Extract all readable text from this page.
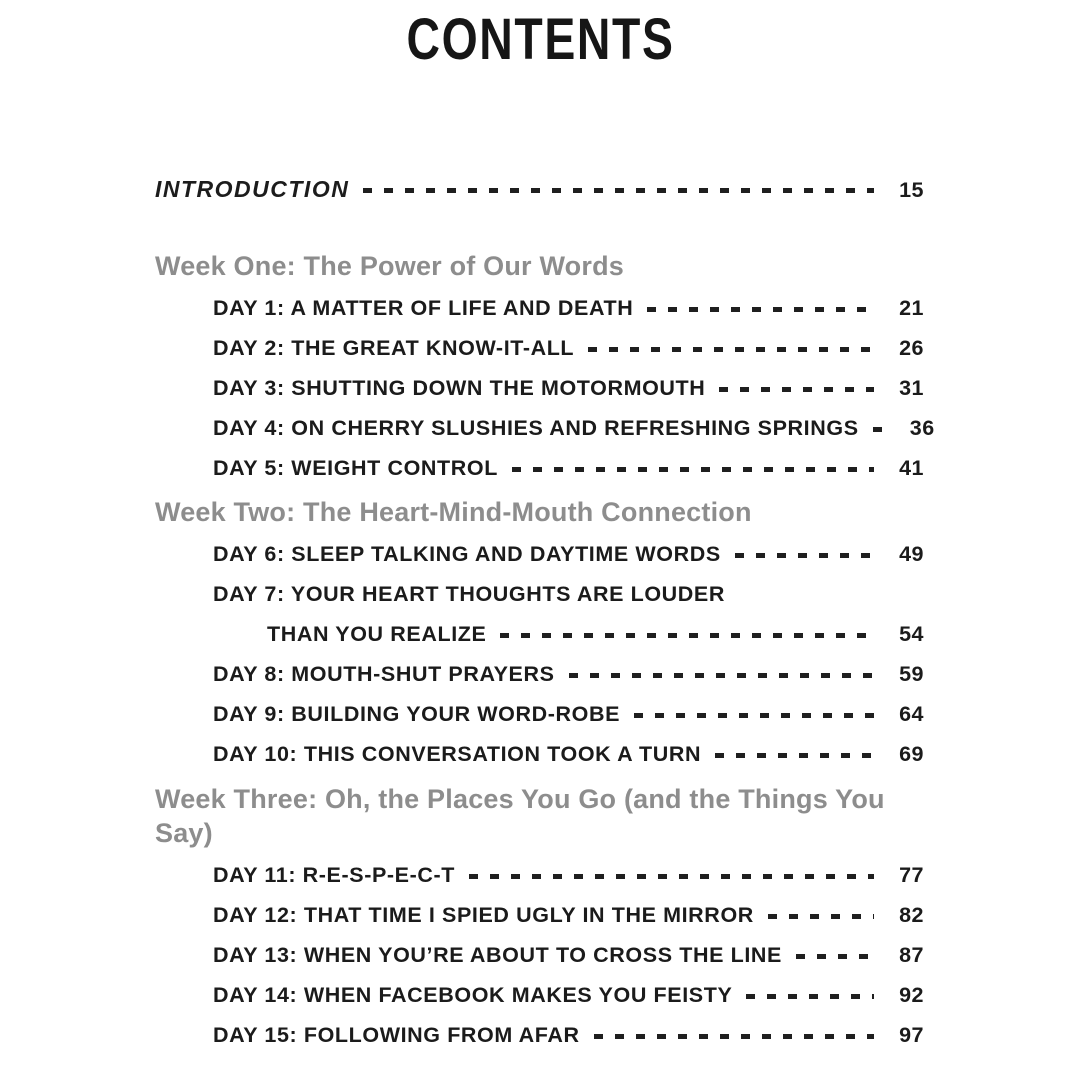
CONTENTS
INTRODUCTION	15
Week One: The Power of Our Words
DAY 1: A MATTER OF LIFE AND DEATH	21
DAY 2: THE GREAT KNOW-IT-ALL	26
DAY 3: SHUTTING DOWN THE MOTORMOUTH	31
DAY 4: ON CHERRY SLUSHIES AND REFRESHING SPRINGS 36
DAY 5: WEIGHT CONTROL	41
Week Two: The Heart-Mind-Mouth Connection
DAY 6: SLEEP TALKING AND DAYTIME WORDS	49
DAY 7: YOUR HEART THOUGHTS ARE LOUDER
THAN YOU REALIZE	54
DAY 8: MOUTH-SHUT PRAYERS	59
DAY 9: BUILDING YOUR WORD-ROBE	64
DAY 10: THIS CONVERSATION TOOK A TURN	69
Week Three: Oh, the Places You Go (and the Things You Say)
DAY 11: R-E-S-P-E-C-T	77
DAY 12: THAT TIME I SPIED UGLY IN THE MIRROR	82
DAY 13: WHEN YOU’RE ABOUT TO CROSS THE LINE	87
DAY 14: WHEN FACEBOOK MAKES YOU FEISTY	92
DAY 15: FOLLOWING FROM AFAR	97
